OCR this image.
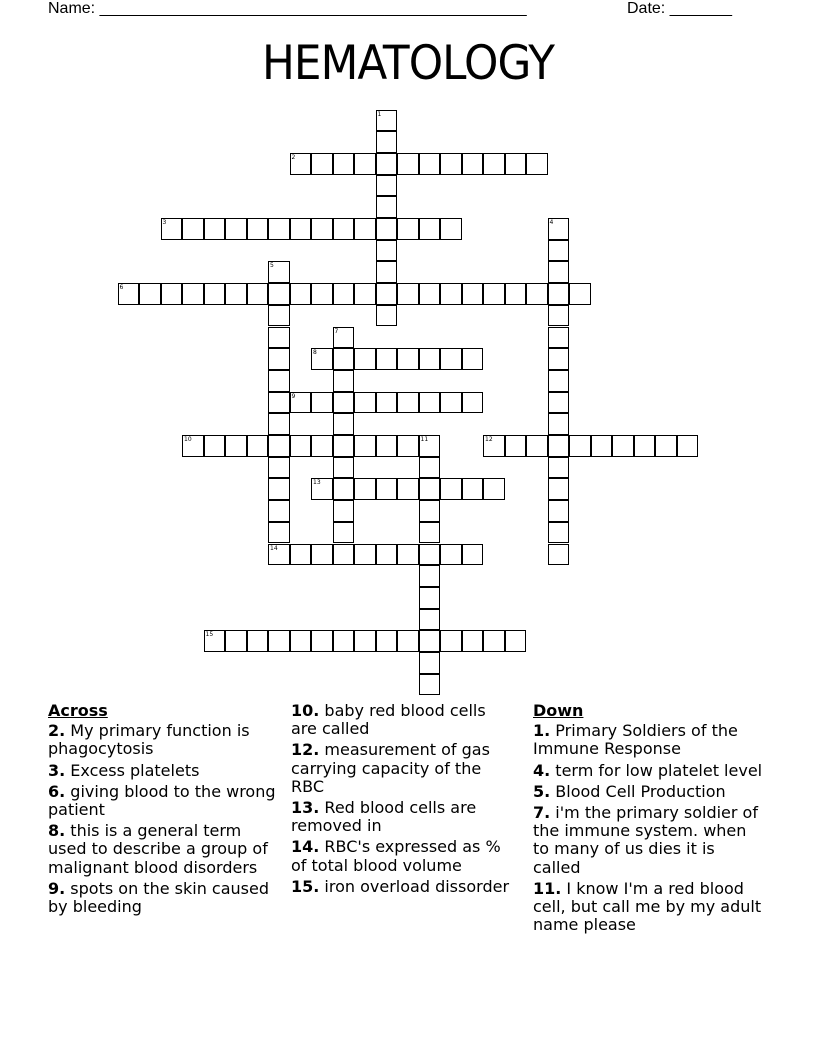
Name: ________________________________________________	Date: _______
HEMATOLOGY
1
2
3	4
5
6
7
8
9
10	11	12
13
14
15
Across
2. My primary function is phagocytosis
3. Excess platelets
6. giving blood to the wrong patient
8. this is a general term used to describe a group of malignant blood disorders
9. spots on the skin caused by bleeding
10. baby red blood cells are called
12. measurement of gas carrying capacity of the RBC
13. Red blood cells are removed in
14. RBC's expressed as % of total blood volume
15. iron overload dissorder
Down
1. Primary Soldiers of the Immune Response
4. term for low platelet level
5. Blood Cell Production
7. i'm the primary soldier of the immune system. when to many of us dies it is called
11. I know I'm a red blood cell, but call me by my adult name please
